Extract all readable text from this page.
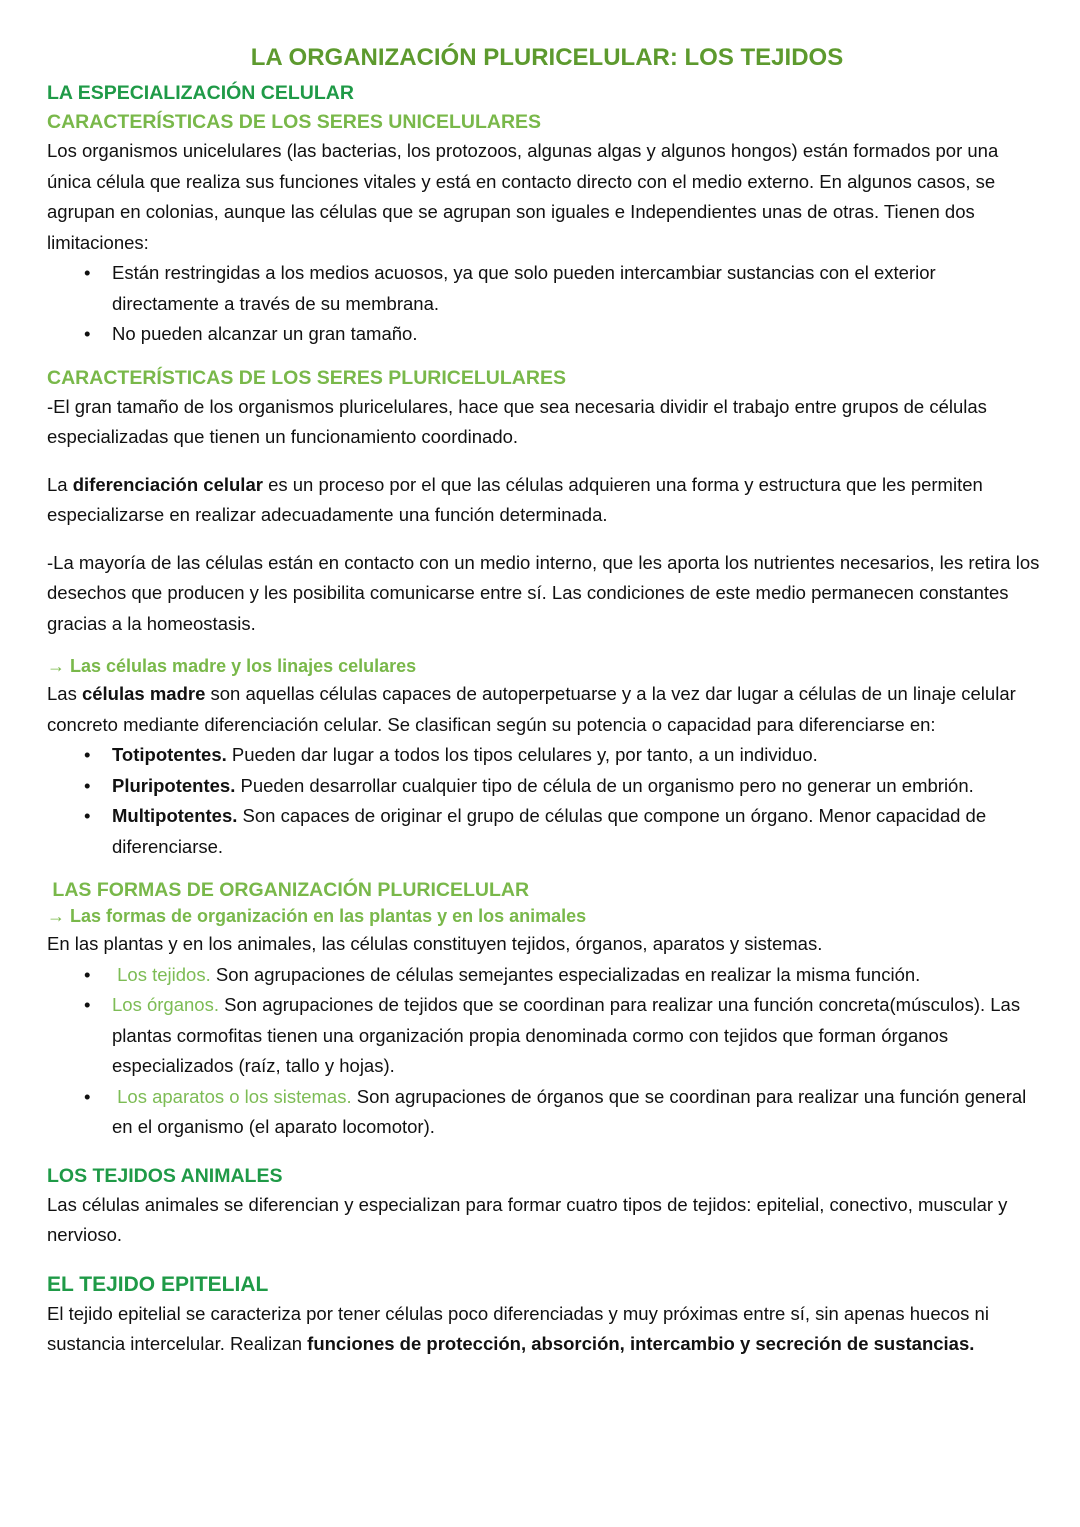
LA ORGANIZACIÓN PLURICELULAR: LOS TEJIDOS
LA ESPECIALIZACIÓN CELULAR
CARACTERÍSTICAS DE LOS SERES UNICELULARES

Los organismos unicelulares (las bacterias, los protozoos, algunas algas y algunos hongos) están formados por una única célula que realiza sus funciones vitales y está en contacto directo con el medio externo. En algunos casos, se agrupan en colonias, aunque las células que se agrupan son iguales e Independientes unas de otras. Tienen dos limitaciones:

• Están restringidas a los medios acuosos, ya que solo pueden intercambiar sustancias con el exterior directamente a través de su membrana.
• No pueden alcanzar un gran tamaño.
CARACTERÍSTICAS DE LOS SERES PLURICELULARES

-El gran tamaño de los organismos pluricelulares, hace que sea necesaria dividir el trabajo entre grupos de células especializadas que tienen un funcionamiento coordinado.

La diferenciación celular es un proceso por el que las células adquieren una forma y estructura que les permiten especializarse en realizar adecuadamente una función determinada.

-La mayoría de las células están en contacto con un medio interno, que les aporta los nutrientes necesarios, les retira los desechos que producen y les posibilita comunicarse entre sí. Las condiciones de este medio permanecen constantes gracias a la homeostasis.

→ Las células madre y los linajes celulares

Las células madre son aquellas células capaces de autoperpetuarse y a la vez dar lugar a células de un linaje celular concreto mediante diferenciación celular. Se clasifican según su potencia o capacidad para diferenciarse en:

• Totipotentes. Pueden dar lugar a todos los tipos celulares y, por tanto, a un individuo.
• Pluripotentes. Pueden desarrollar cualquier tipo de célula de un organismo pero no generar un embrión.
• Multipotentes. Son capaces de originar el grupo de células que compone un órgano. Menor capacidad de diferenciarse.
LAS FORMAS DE ORGANIZACIÓN PLURICELULAR
→ Las formas de organización en las plantas y en los animales

En las plantas y en los animales, las células constituyen tejidos, órganos, aparatos y sistemas.

• Los tejidos. Son agrupaciones de células semejantes especializadas en realizar la misma función.
• Los órganos. Son agrupaciones de tejidos que se coordinan para realizar una función concreta(músculos). Las plantas cormofitas tienen una organización propia denominada cormo con tejidos que forman órganos especializados (raíz, tallo y hojas).
• Los aparatos o los sistemas. Son agrupaciones de órganos que se coordinan para realizar una función general en el organismo (el aparato locomotor).
LOS TEJIDOS ANIMALES

Las células animales se diferencian y especializan para formar cuatro tipos de tejidos: epitelial, conectivo, muscular y nervioso.

EL TEJIDO EPITELIAL

El tejido epitelial se caracteriza por tener células poco diferenciadas y muy próximas entre sí, sin apenas huecos ni sustancia intercelular. Realizan funciones de protección, absorción, intercambio y secreción de sustancias.
